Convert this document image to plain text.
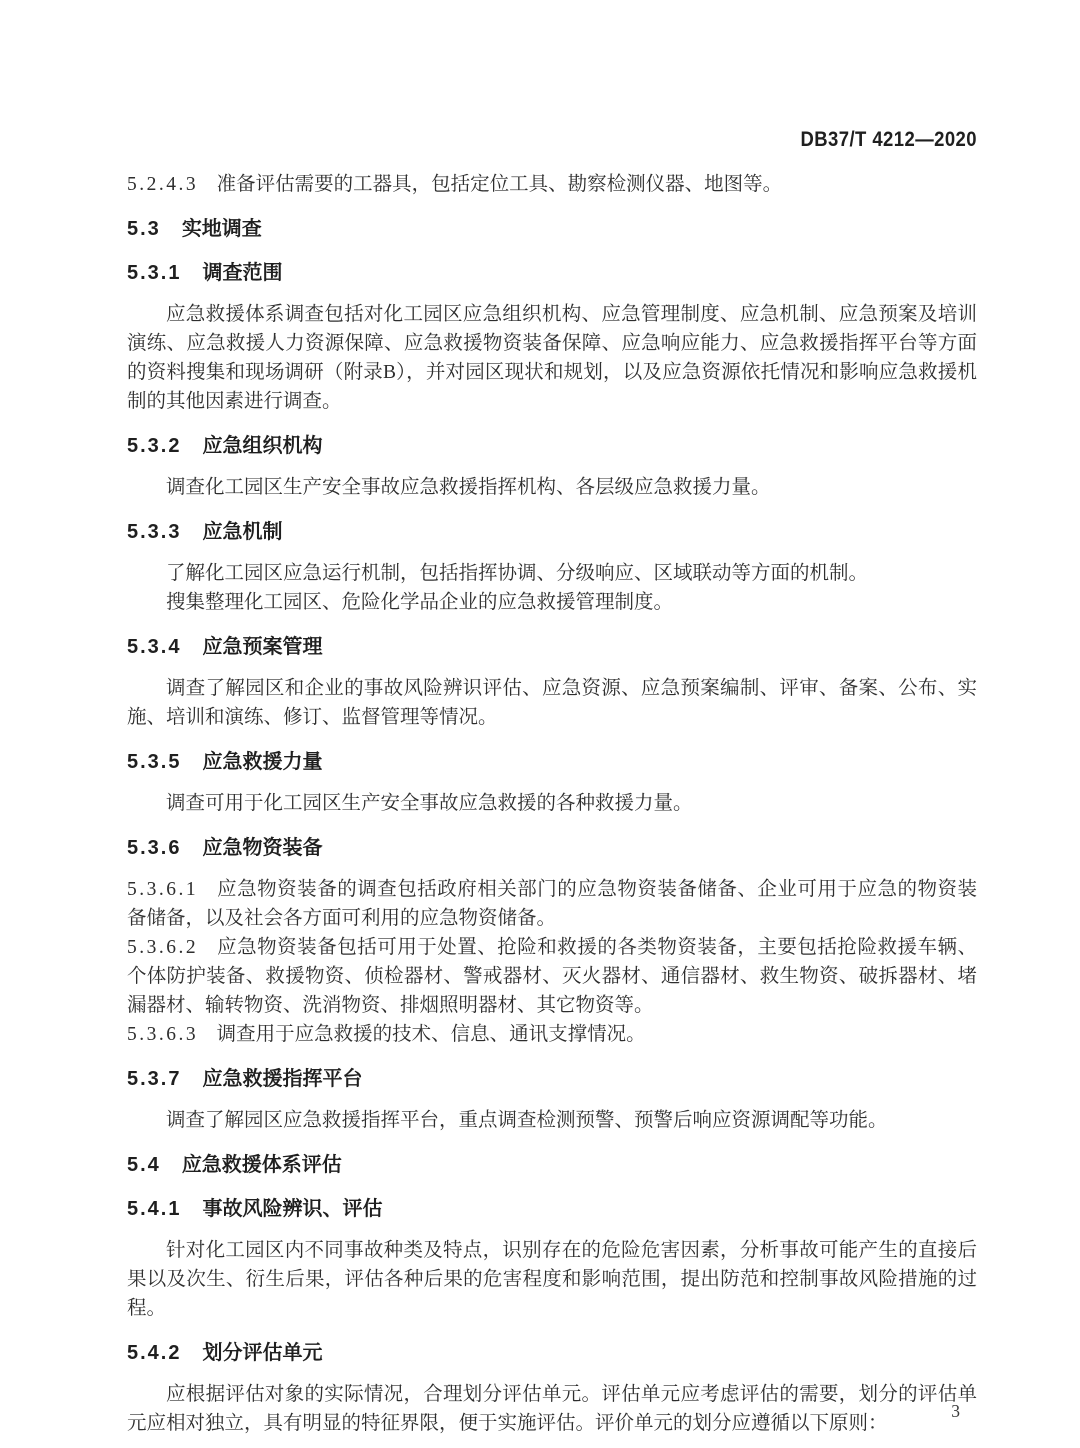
DB37/T 4212—2020

5.2.4.3 准备评估需要的工器具，包括定位工具、勘察检测仪器、地图等。

5.3 实地调查
5.3.1 调查范围

应急救援体系调查包括对化工园区应急组织机构、应急管理制度、应急机制、应急预案及培训演练、应急救援人力资源保障、应急救援物资装备保障、应急响应能力、应急救援指挥平台等方面的资料搜集和现场调研（附录B），并对园区现状和规划，以及应急资源依托情况和影响应急救援机制的其他因素进行调查。

5.3.2 应急组织机构

调查化工园区生产安全事故应急救援指挥机构、各层级应急救援力量。

5.3.3 应急机制

了解化工园区应急运行机制，包括指挥协调、分级响应、区域联动等方面的机制。

搜集整理化工园区、危险化学品企业的应急救援管理制度。

5.3.4 应急预案管理

调查了解园区和企业的事故风险辨识评估、应急资源、应急预案编制、评审、备案、公布、实施、培训和演练、修订、监督管理等情况。

5.3.5 应急救援力量

调查可用于化工园区生产安全事故应急救援的各种救援力量。

5.3.6 应急物资装备

5.3.6.1 应急物资装备的调查包括政府相关部门的应急物资装备储备、企业可用于应急的物资装备储备，以及社会各方面可利用的应急物资储备。

5.3.6.2 应急物资装备包括可用于处置、抢险和救援的各类物资装备，主要包括抢险救援车辆、个体防护装备、救援物资、侦检器材、警戒器材、灭火器材、通信器材、救生物资、破拆器材、堵漏器材、输转物资、洗消物资、排烟照明器材、其它物资等。

5.3.6.3 调查用于应急救援的技术、信息、通讯支撑情况。

5.3.7 应急救援指挥平台

调查了解园区应急救援指挥平台，重点调查检测预警、预警后响应资源调配等功能。

5.4 应急救援体系评估
5.4.1 事故风险辨识、评估

针对化工园区内不同事故种类及特点，识别存在的危险危害因素，分析事故可能产生的直接后果以及次生、衍生后果，评估各种后果的危害程度和影响范围，提出防范和控制事故风险措施的过程。

5.4.2 划分评估单元

应根据评估对象的实际情况，合理划分评估单元。评估单元应考虑评估的需要，划分的评估单元应相对独立，具有明显的特征界限，便于实施评估。评价单元的划分应遵循以下原则：

3
